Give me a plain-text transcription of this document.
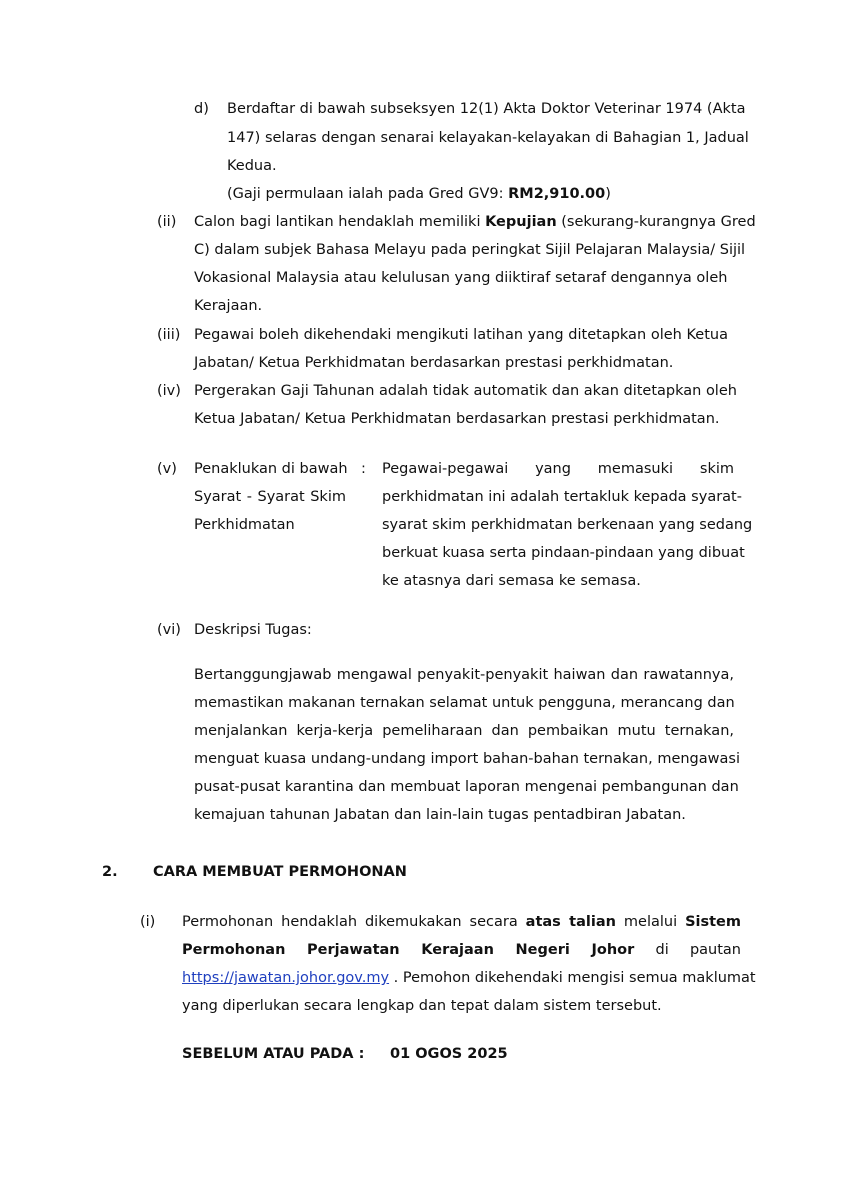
d) Berdaftar di bawah subseksyen 12(1) Akta Doktor Veterinar 1974 (Akta
147) selaras dengan senarai kelayakan-kelayakan di Bahagian 1, Jadual
Kedua.
(Gaji permulaan ialah pada Gred GV9: RM2,910.00)
(ii) Calon bagi lantikan hendaklah memiliki Kepujian (sekurang-kurangnya Gred
C) dalam subjek Bahasa Melayu pada peringkat Sijil Pelajaran Malaysia/ Sijil
Vokasional Malaysia atau kelulusan yang diiktiraf setaraf dengannya oleh
Kerajaan.
(iii) Pegawai boleh dikehendaki mengikuti latihan yang ditetapkan oleh Ketua
Jabatan/ Ketua Perkhidmatan berdasarkan prestasi perkhidmatan.
(iv) Pergerakan Gaji Tahunan adalah tidak automatik dan akan ditetapkan oleh
Ketua Jabatan/ Ketua Perkhidmatan berdasarkan prestasi perkhidmatan.
(v) Penaklukan di bawah
Syarat - Syarat Skim
Perkhidmatan
: Pegawai-pegawai yang memasuki skim
perkhidmatan ini adalah tertakluk kepada syarat-
syarat skim perkhidmatan berkenaan yang sedang
berkuat kuasa serta pindaan-pindaan yang dibuat
ke atasnya dari semasa ke semasa.
(vi) Deskripsi Tugas:
Bertanggungjawab mengawal penyakit-penyakit haiwan dan rawatannya,
memastikan makanan ternakan selamat untuk pengguna, merancang dan
menjalankan kerja-kerja pemeliharaan dan pembaikan mutu ternakan,
menguat kuasa undang-undang import bahan-bahan ternakan, mengawasi
pusat-pusat karantina dan membuat laporan mengenai pembangunan dan
kemajuan tahunan Jabatan dan lain-lain tugas pentadbiran Jabatan.
2. CARA MEMBUAT PERMOHONAN
(i) Permohonan hendaklah dikemukakan secara atas talian melalui Sistem
Permohonan Perjawatan Kerajaan Negeri Johor di pautan
https://jawatan.johor.gov.my . Pemohon dikehendaki mengisi semua maklumat
yang diperlukan secara lengkap dan tepat dalam sistem tersebut.
SEBELUM ATAU PADA : 01 OGOS 2025
